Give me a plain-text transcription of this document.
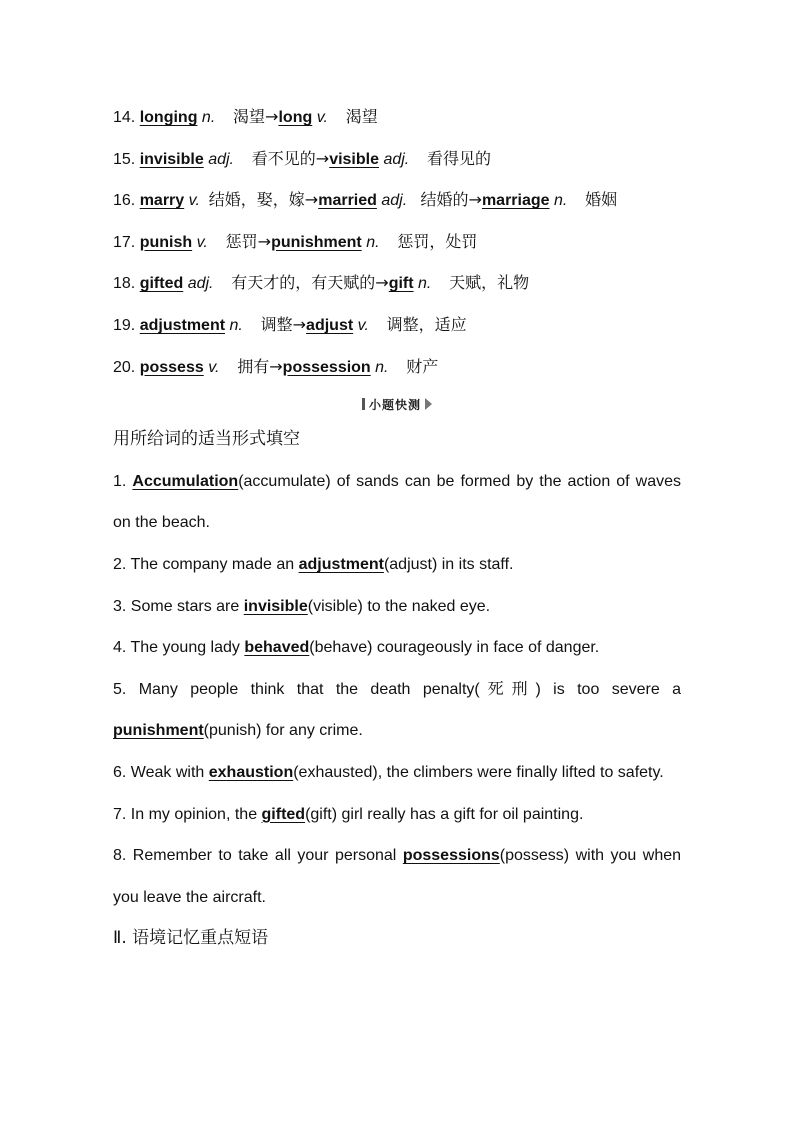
14. longing n. 渴望→long v. 渴望
15. invisible adj. 看不见的→visible adj. 看得见的
16. marry v. 结婚，娶，嫁→married adj. 结婚的→marriage n. 婚姻
17. punish v. 惩罚→punishment n. 惩罚，处罚
18. gifted adj. 有天才的，有天赋的→gift n. 天赋，礼物
19. adjustment n. 调整→adjust v. 调整，适应
20. possess v. 拥有→possession n. 财产
小题快测
用所给词的适当形式填空
1. Accumulation(accumulate) of sands can be formed by the action of waves on the beach.
2. The company made an adjustment(adjust) in its staff.
3. Some stars are invisible(visible) to the naked eye.
4. The young lady behaved(behave) courageously in face of danger.
5. Many people think that the death penalty(死刑) is too severe a punishment(punish) for any crime.
6. Weak with exhaustion(exhausted), the climbers were finally lifted to safety.
7. In my opinion, the gifted(gift) girl really has a gift for oil painting.
8. Remember to take all your personal possessions(possess) with you when you leave the aircraft.
Ⅱ. 语境记忆重点短语
